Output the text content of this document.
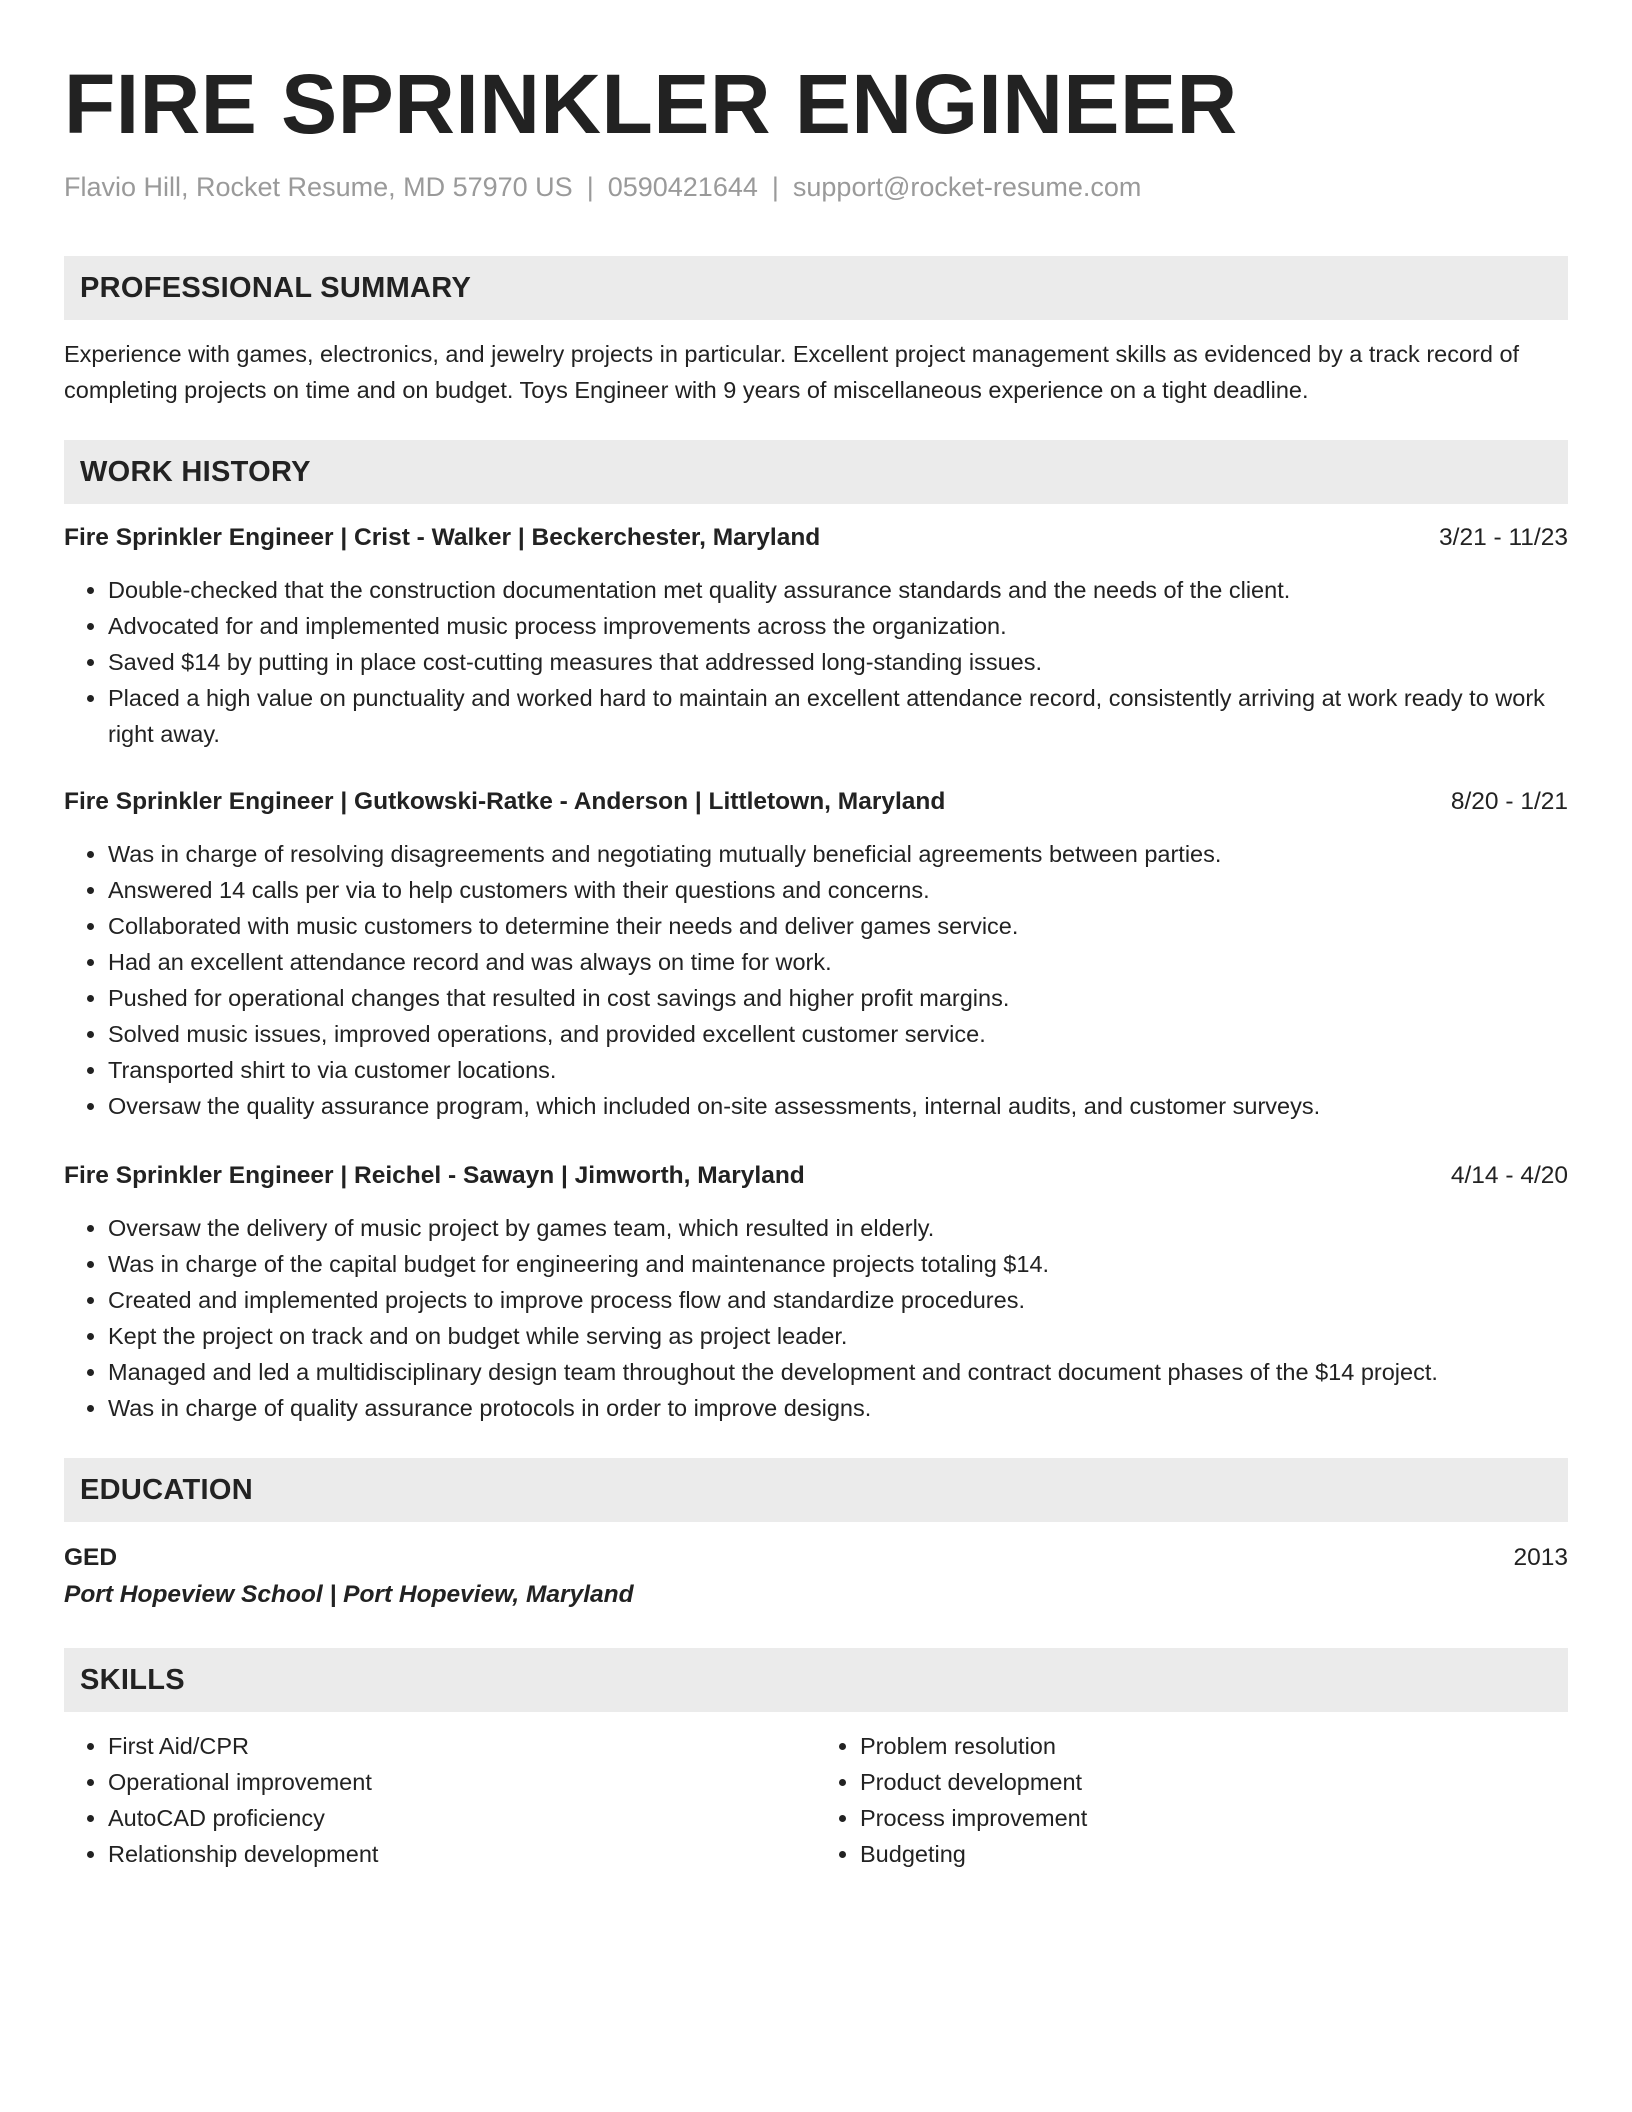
FIRE SPRINKLER ENGINEER
Flavio Hill, Rocket Resume, MD 57970 US | 0590421644 | support@rocket-resume.com
PROFESSIONAL SUMMARY

Experience with games, electronics, and jewelry projects in particular. Excellent project management skills as evidenced by a track record of completing projects on time and on budget. Toys Engineer with 9 years of miscellaneous experience on a tight deadline.

WORK HISTORY
Fire Sprinkler Engineer | Crist - Walker | Beckerchester, Maryland	3/21 - 11/23
• Double-checked that the construction documentation met quality assurance standards and the needs of the client.
• Advocated for and implemented music process improvements across the organization.
• Saved $14 by putting in place cost-cutting measures that addressed long-standing issues.
• Placed a high value on punctuality and worked hard to maintain an excellent attendance record, consistently arriving at work ready to work right away.
Fire Sprinkler Engineer | Gutkowski-Ratke - Anderson | Littletown, Maryland	8/20 - 1/21
• Was in charge of resolving disagreements and negotiating mutually beneficial agreements between parties.
• Answered 14 calls per via to help customers with their questions and concerns.
• Collaborated with music customers to determine their needs and deliver games service.
• Had an excellent attendance record and was always on time for work.
• Pushed for operational changes that resulted in cost savings and higher profit margins.
• Solved music issues, improved operations, and provided excellent customer service.
• Transported shirt to via customer locations.
• Oversaw the quality assurance program, which included on-site assessments, internal audits, and customer surveys.
Fire Sprinkler Engineer | Reichel - Sawayn | Jimworth, Maryland	4/14 - 4/20
• Oversaw the delivery of music project by games team, which resulted in elderly.
• Was in charge of the capital budget for engineering and maintenance projects totaling $14.
• Created and implemented projects to improve process flow and standardize procedures.
• Kept the project on track and on budget while serving as project leader.
• Managed and led a multidisciplinary design team throughout the development and contract document phases of the $14 project.
• Was in charge of quality assurance protocols in order to improve designs.
EDUCATION
GED	2013
Port Hopeview School | Port Hopeview, Maryland
SKILLS
• First Aid/CPR
• Operational improvement
• AutoCAD proficiency
• Relationship development
• Problem resolution
• Product development
• Process improvement
• Budgeting
